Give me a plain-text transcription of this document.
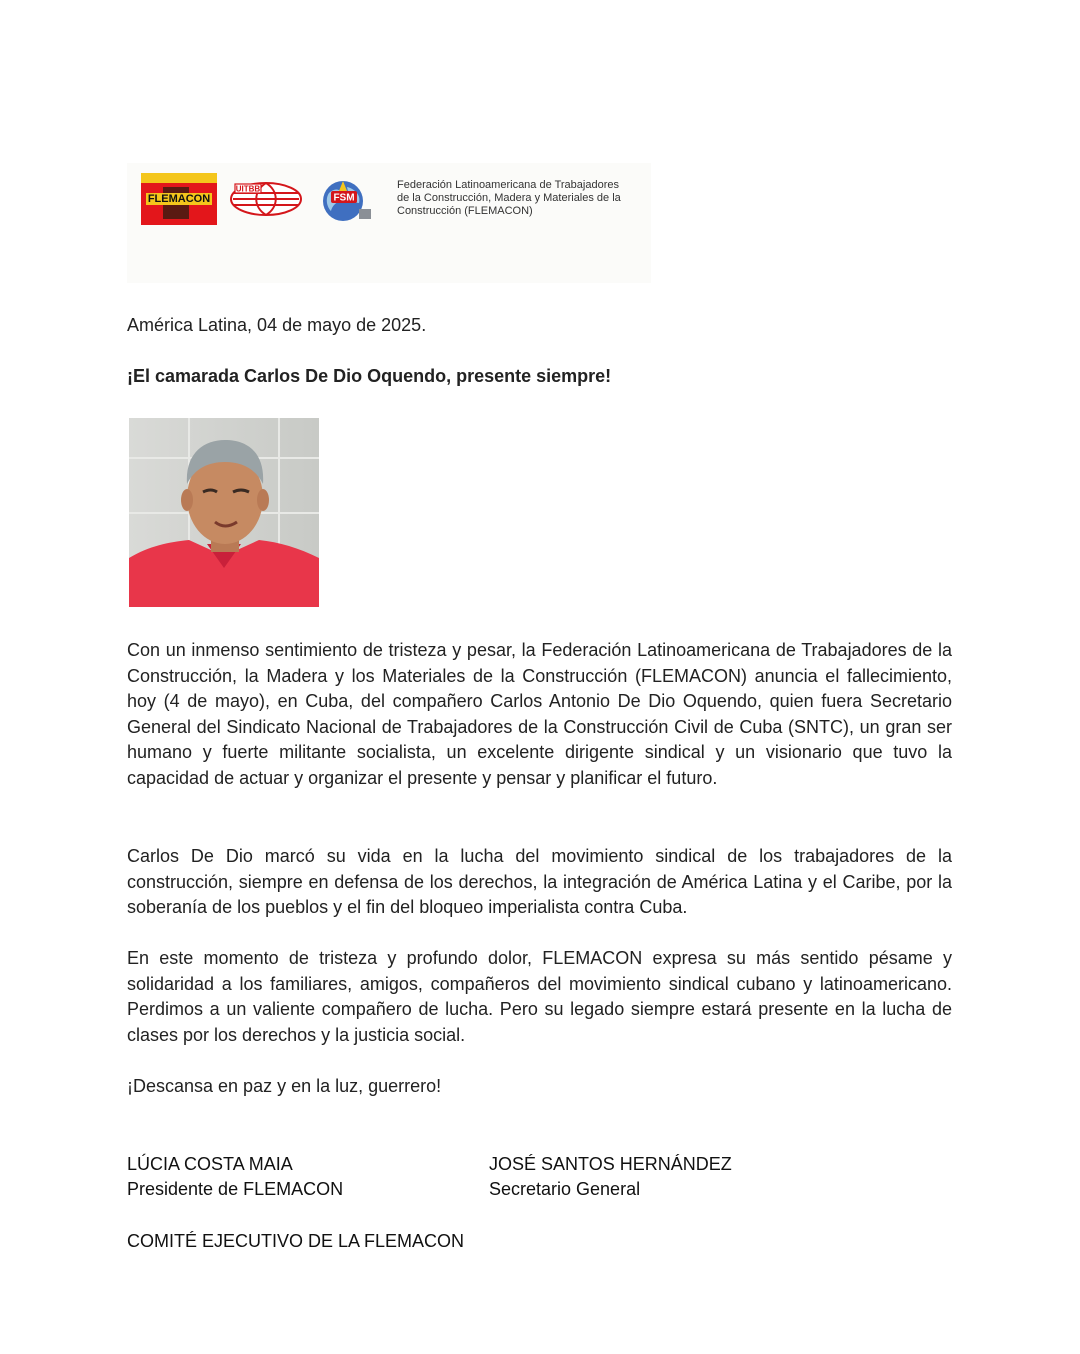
FLEMACON
UITBB
FSM
Federación Latinoamericana de Trabajadores
de la Construcción, Madera y Materiales de la
Construcción (FLEMACON)
América Latina, 04 de mayo de 2025.
¡El camarada Carlos De Dio Oquendo, presente siempre!

Con un inmenso sentimiento de tristeza y pesar, la Federación Latinoamericana de Trabajadores de la Construcción, la Madera y los Materiales de la Construcción (FLEMACON) anuncia el fallecimiento, hoy (4 de mayo), en Cuba, del compañero Carlos Antonio De Dio Oquendo, quien fuera Secretario General del Sindicato Nacional de Trabajadores de la Construcción Civil de Cuba (SNTC), un gran ser humano y fuerte militante socialista, un excelente dirigente sindical y un visionario que tuvo la capacidad de actuar y organizar el presente y pensar y planificar el futuro.

Carlos De Dio marcó su vida en la lucha del movimiento sindical de los trabajadores de la construcción, siempre en defensa de los derechos, la integración de América Latina y el Caribe, por la soberanía de los pueblos y el fin del bloqueo imperialista contra Cuba.

En este momento de tristeza y profundo dolor, FLEMACON expresa su más sentido pésame y solidaridad a los familiares, amigos, compañeros del movimiento sindical cubano y latinoamericano. Perdimos a un valiente compañero de lucha. Pero su legado siempre estará presente en la lucha de clases por los derechos y la justicia social.

¡Descansa en paz y en la luz, guerrero!

LÚCIA COSTA MAIA
Presidente de FLEMACON
JOSÉ SANTOS HERNÁNDEZ
Secretario General
COMITÉ EJECUTIVO DE LA FLEMACON
